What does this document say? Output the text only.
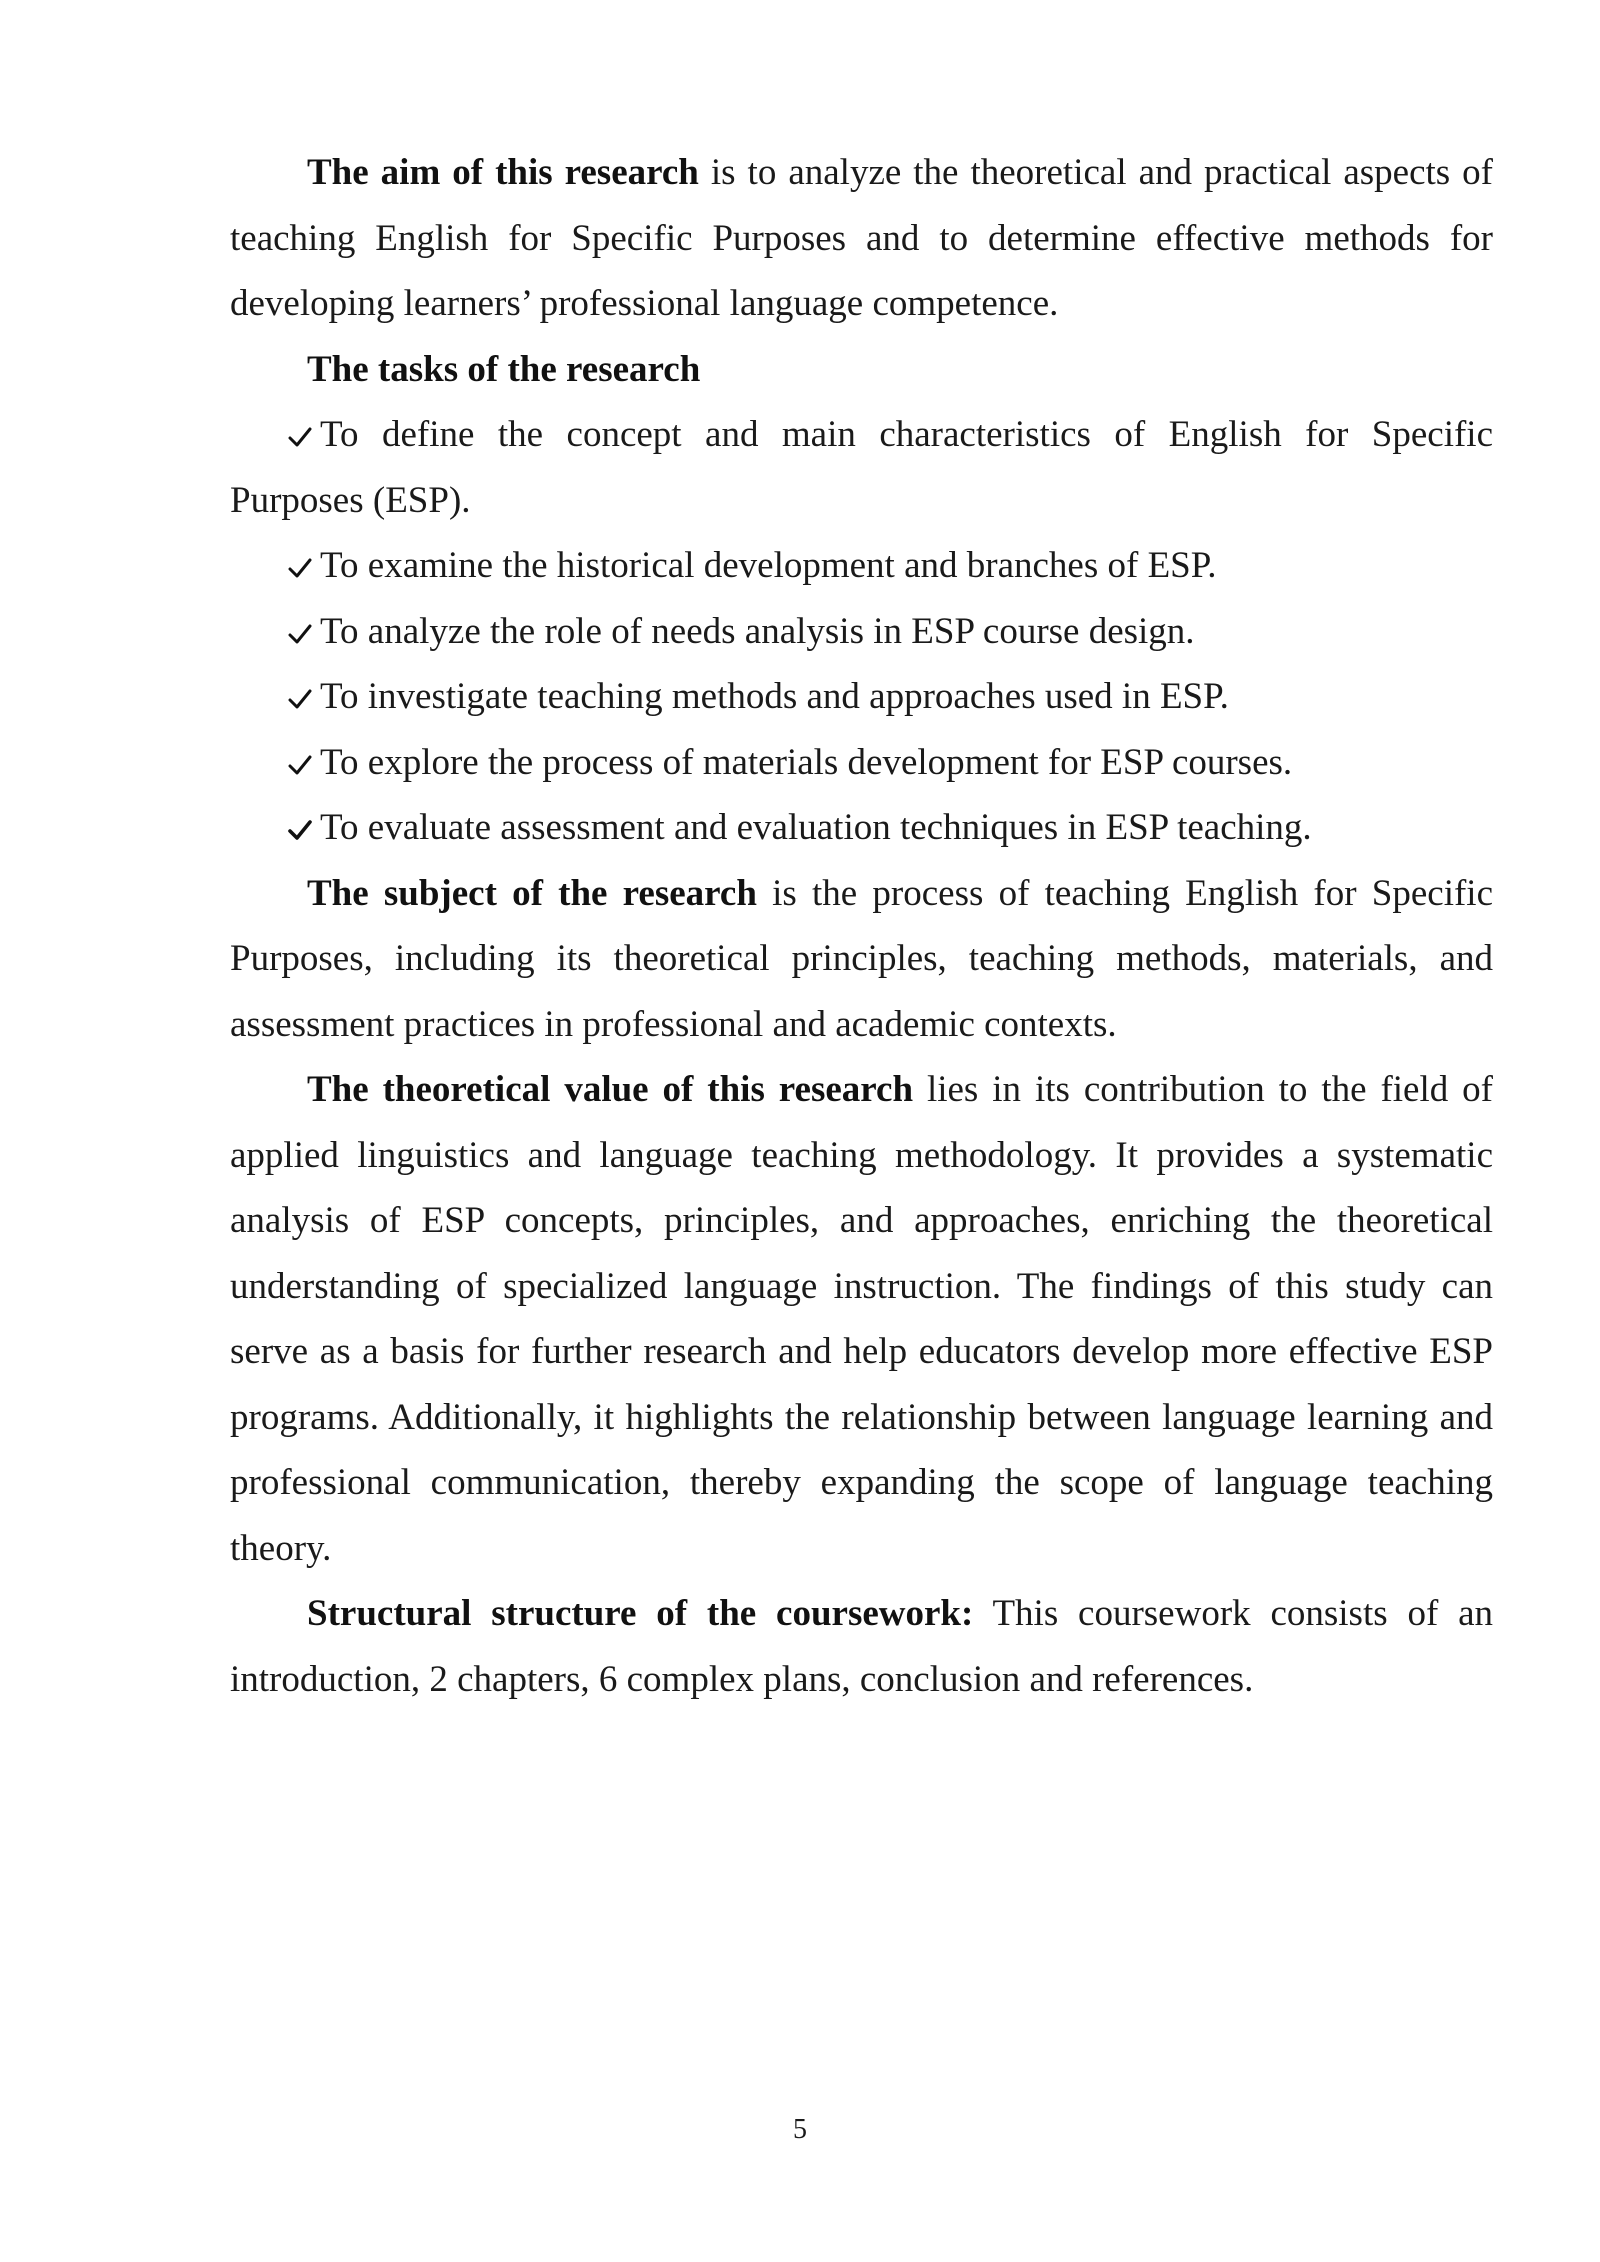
The aim of this research is to analyze the theoretical and practical aspects of teaching English for Specific Purposes and to determine effective methods for developing learners’ professional language competence.

The tasks of the research

To define the concept and main characteristics of English for Specific Purposes (ESP).

To examine the historical development and branches of ESP.

To analyze the role of needs analysis in ESP course design.

To investigate teaching methods and approaches used in ESP.

To explore the process of materials development for ESP courses.

To evaluate assessment and evaluation techniques in ESP teaching.

The subject of the research is the process of teaching English for Specific Purposes, including its theoretical principles, teaching methods, materials, and assessment practices in professional and academic contexts.

The theoretical value of this research lies in its contribution to the field of applied linguistics and language teaching methodology. It provides a systematic analysis of ESP concepts, principles, and approaches, enriching the theoretical understanding of specialized language instruction. The findings of this study can serve as a basis for further research and help educators develop more effective ESP programs. Additionally, it highlights the relationship between language learning and professional communication, thereby expanding the scope of language teaching theory.

Structural structure of the coursework: This coursework consists of an introduction, 2 chapters, 6 complex plans, conclusion and references.

5
